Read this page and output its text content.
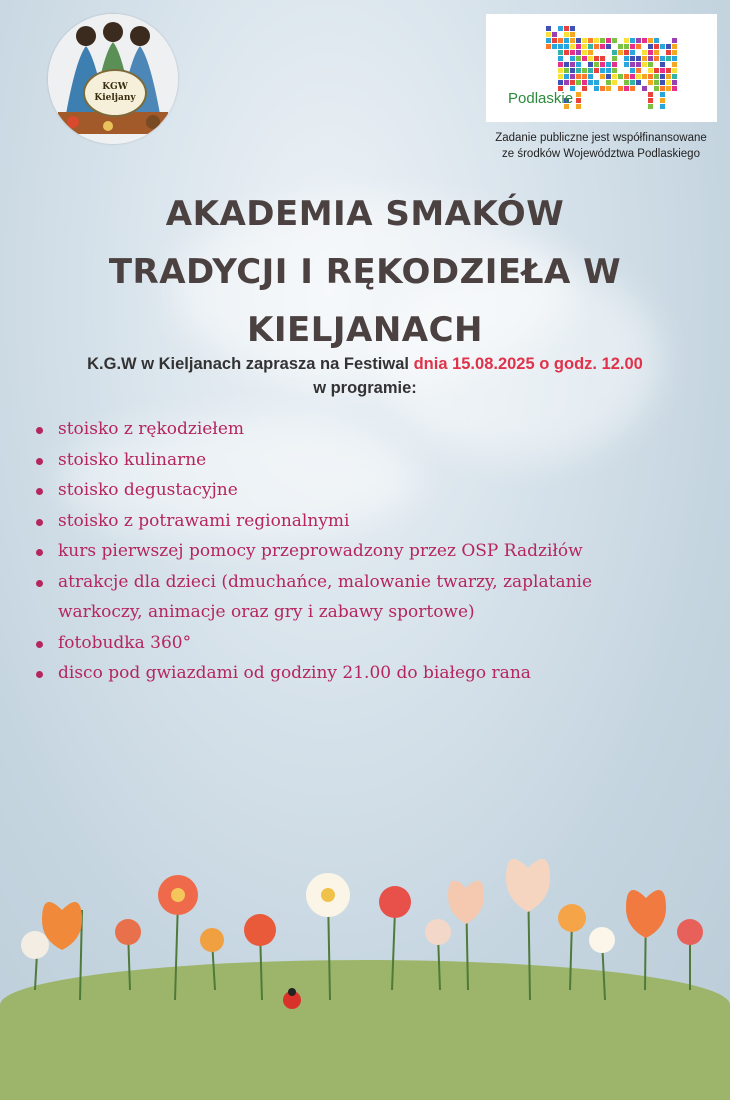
KGW
Kieljany	Podlaskie
Zadanie publiczne jest współfinansowane
ze środków Województwa Podlaskiego
AKADEMIA SMAKÓW
TRADYCJI I RĘKODZIEŁA W
KIELJANACH
K.G.W w Kieljanach zaprasza na Festiwal dnia 15.08.2025 o godz. 12.00
w programie:
stoisko z rękodziełem
stoisko kulinarne
stoisko degustacyjne
stoisko z potrawami regionalnymi
kurs pierwszej pomocy przeprowadzony przez OSP Radziłów
atrakcje dla dzieci (dmuchańce, malowanie twarzy, zaplatanie
warkoczy, animacje oraz gry i zabawy sportowe)
fotobudka 360°
disco pod gwiazdami od godziny 21.00 do białego rana
